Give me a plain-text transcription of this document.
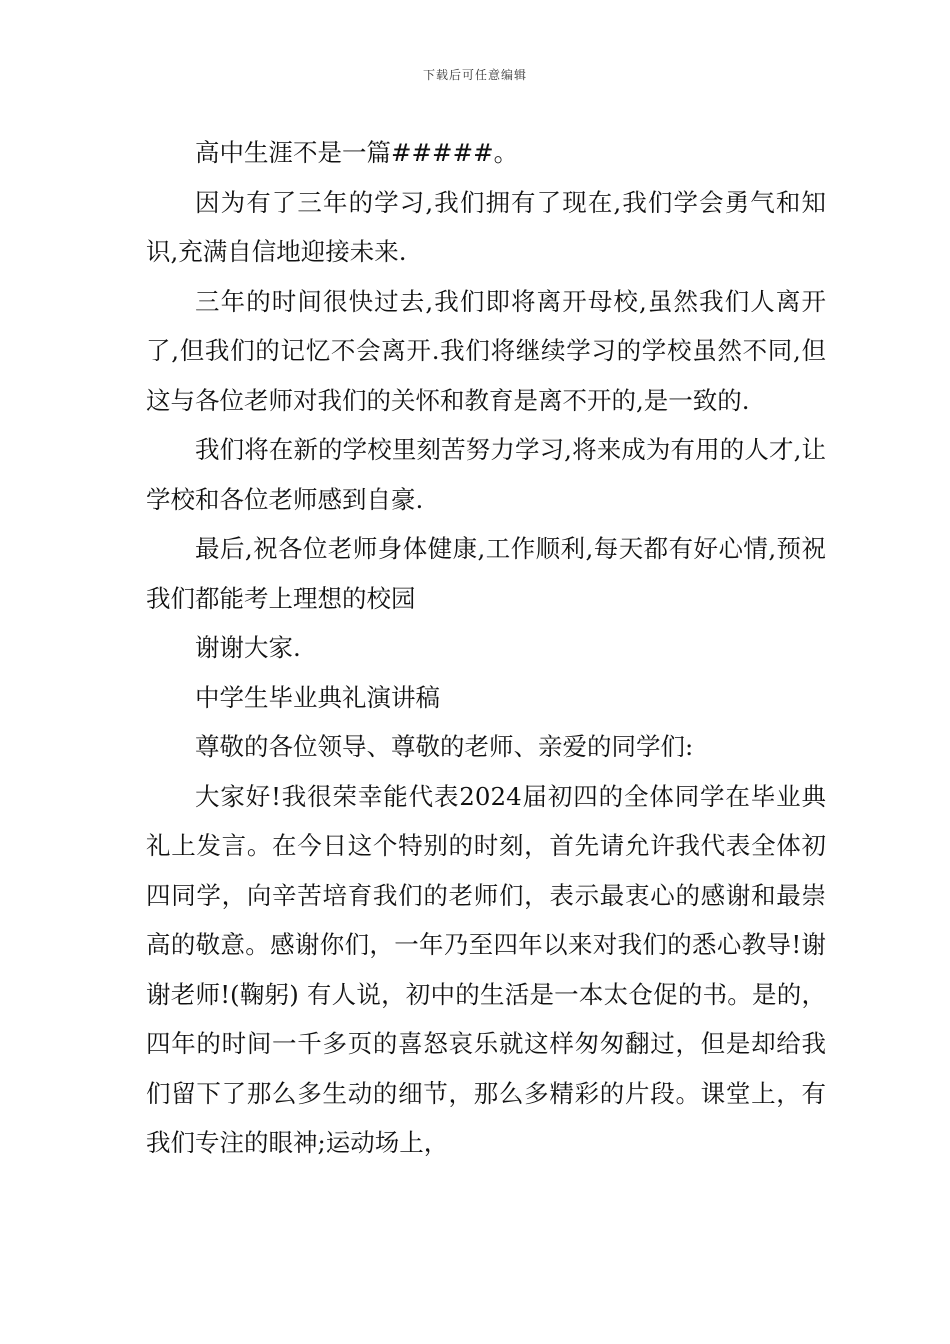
下载后可任意编辑

高中生涯不是一篇#####。

因为有了三年的学习,我们拥有了现在,我们学会勇气和知识,充满自信地迎接未来.

三年的时间很快过去,我们即将离开母校,虽然我们人离开了,但我们的记忆不会离开.我们将继续学习的学校虽然不同,但这与各位老师对我们的关怀和教育是离不开的,是一致的.

我们将在新的学校里刻苦努力学习,将来成为有用的人才,让学校和各位老师感到自豪.

最后,祝各位老师身体健康,工作顺利,每天都有好心情,预祝我们都能考上理想的校园

谢谢大家.

中学生毕业典礼演讲稿

尊敬的各位领导、尊敬的老师、亲爱的同学们:

大家好!我很荣幸能代表2024届初四的全体同学在毕业典礼上发言。在今日这个特别的时刻，首先请允许我代表全体初四同学，向辛苦培育我们的老师们，表示最衷心的感谢和最崇高的敬意。感谢你们，一年乃至四年以来对我们的悉心教导!谢谢老师!(鞠躬) 有人说，初中的生活是一本太仓促的书。是的，四年的时间一千多页的喜怒哀乐就这样匆匆翻过，但是却给我们留下了那么多生动的细节，那么多精彩的片段。课堂上，有我们专注的眼神;运动场上，
